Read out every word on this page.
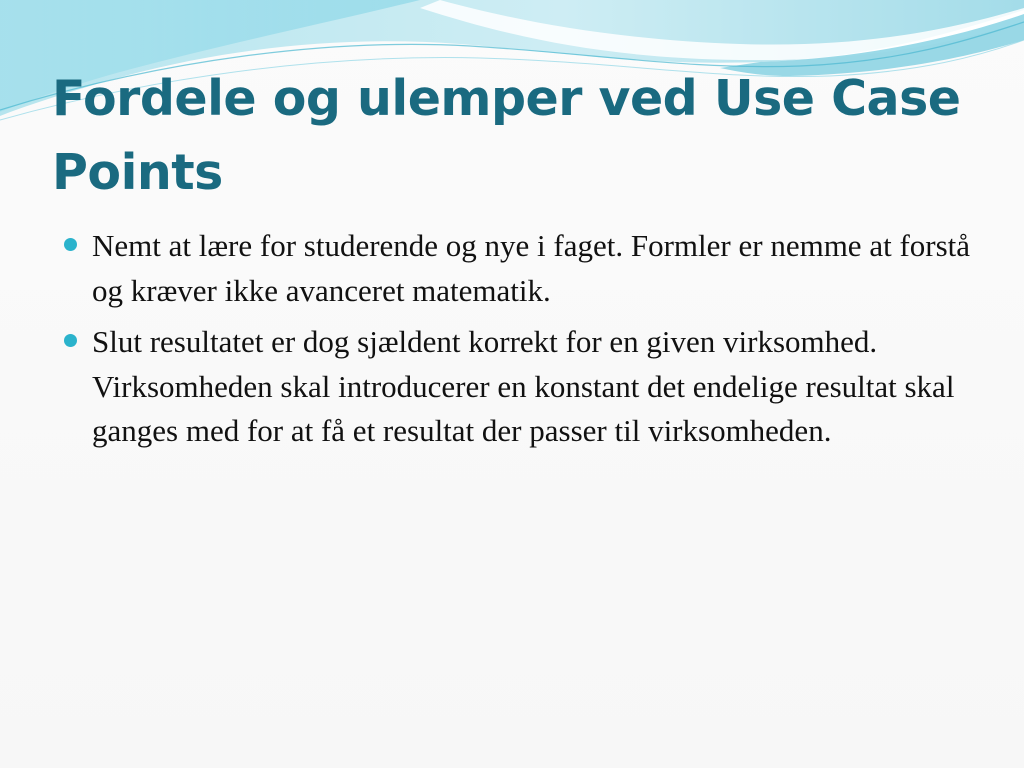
Fordele og ulemper ved Use Case Points
Nemt at lære for studerende og nye i faget. Formler er nemme at forstå og kræver ikke avanceret matematik.
Slut resultatet er dog sjældent korrekt for en given virksomhed. Virksomheden skal introducerer en konstant det endelige resultat skal ganges med for at få et resultat der passer til virksomheden.
